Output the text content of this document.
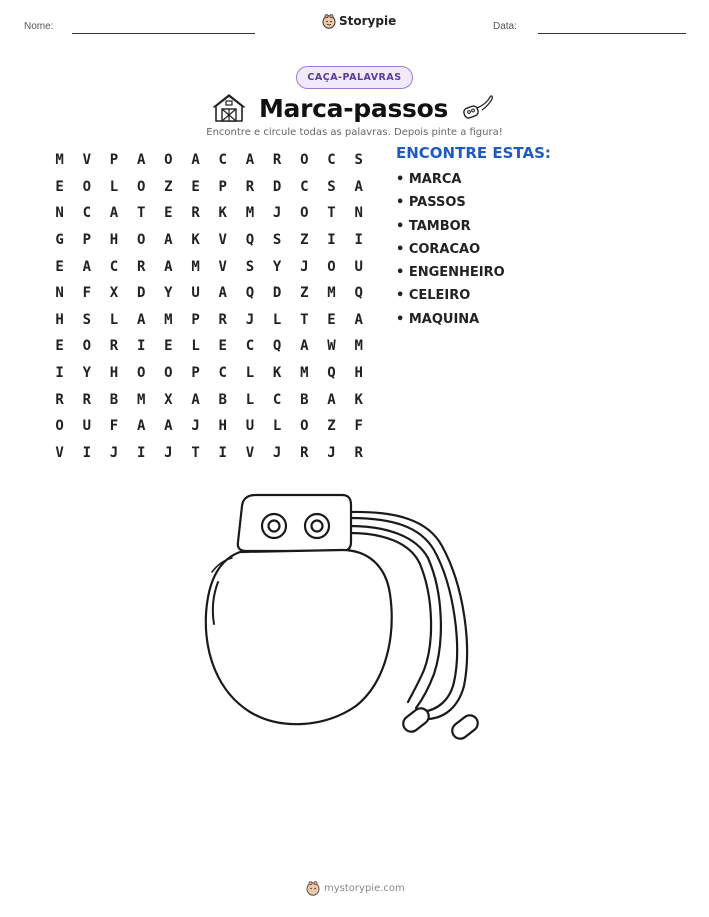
Nome:	Storypie	Data:
CAÇA-PALAVRAS
Marca-passos
Encontre e circule todas as palavras. Depois pinte a figura!
M	V	P	A	O	A	C	A	R	O	C	S
E	O	L	O	Z	E	P	R	D	C	S	A
N	C	A	T	E	R	K	M	J	O	T	N
G	P	H	O	A	K	V	Q	S	Z	I	I
E	A	C	R	A	M	V	S	Y	J	O	U
N	F	X	D	Y	U	A	Q	D	Z	M	Q
H	S	L	A	M	P	R	J	L	T	E	A
E	O	R	I	E	L	E	C	Q	A	W	M
I	Y	H	O	O	P	C	L	K	M	Q	H
R	R	B	M	X	A	B	L	C	B	A	K
O	U	F	A	A	J	H	U	L	O	Z	F
V	I	J	I	J	T	I	V	J	R	J	R
ENCONTRE ESTAS:
• MARCA
• PASSOS
• TAMBOR
• CORACAO
• ENGENHEIRO
• CELEIRO
• MAQUINA
mystorypie.com
